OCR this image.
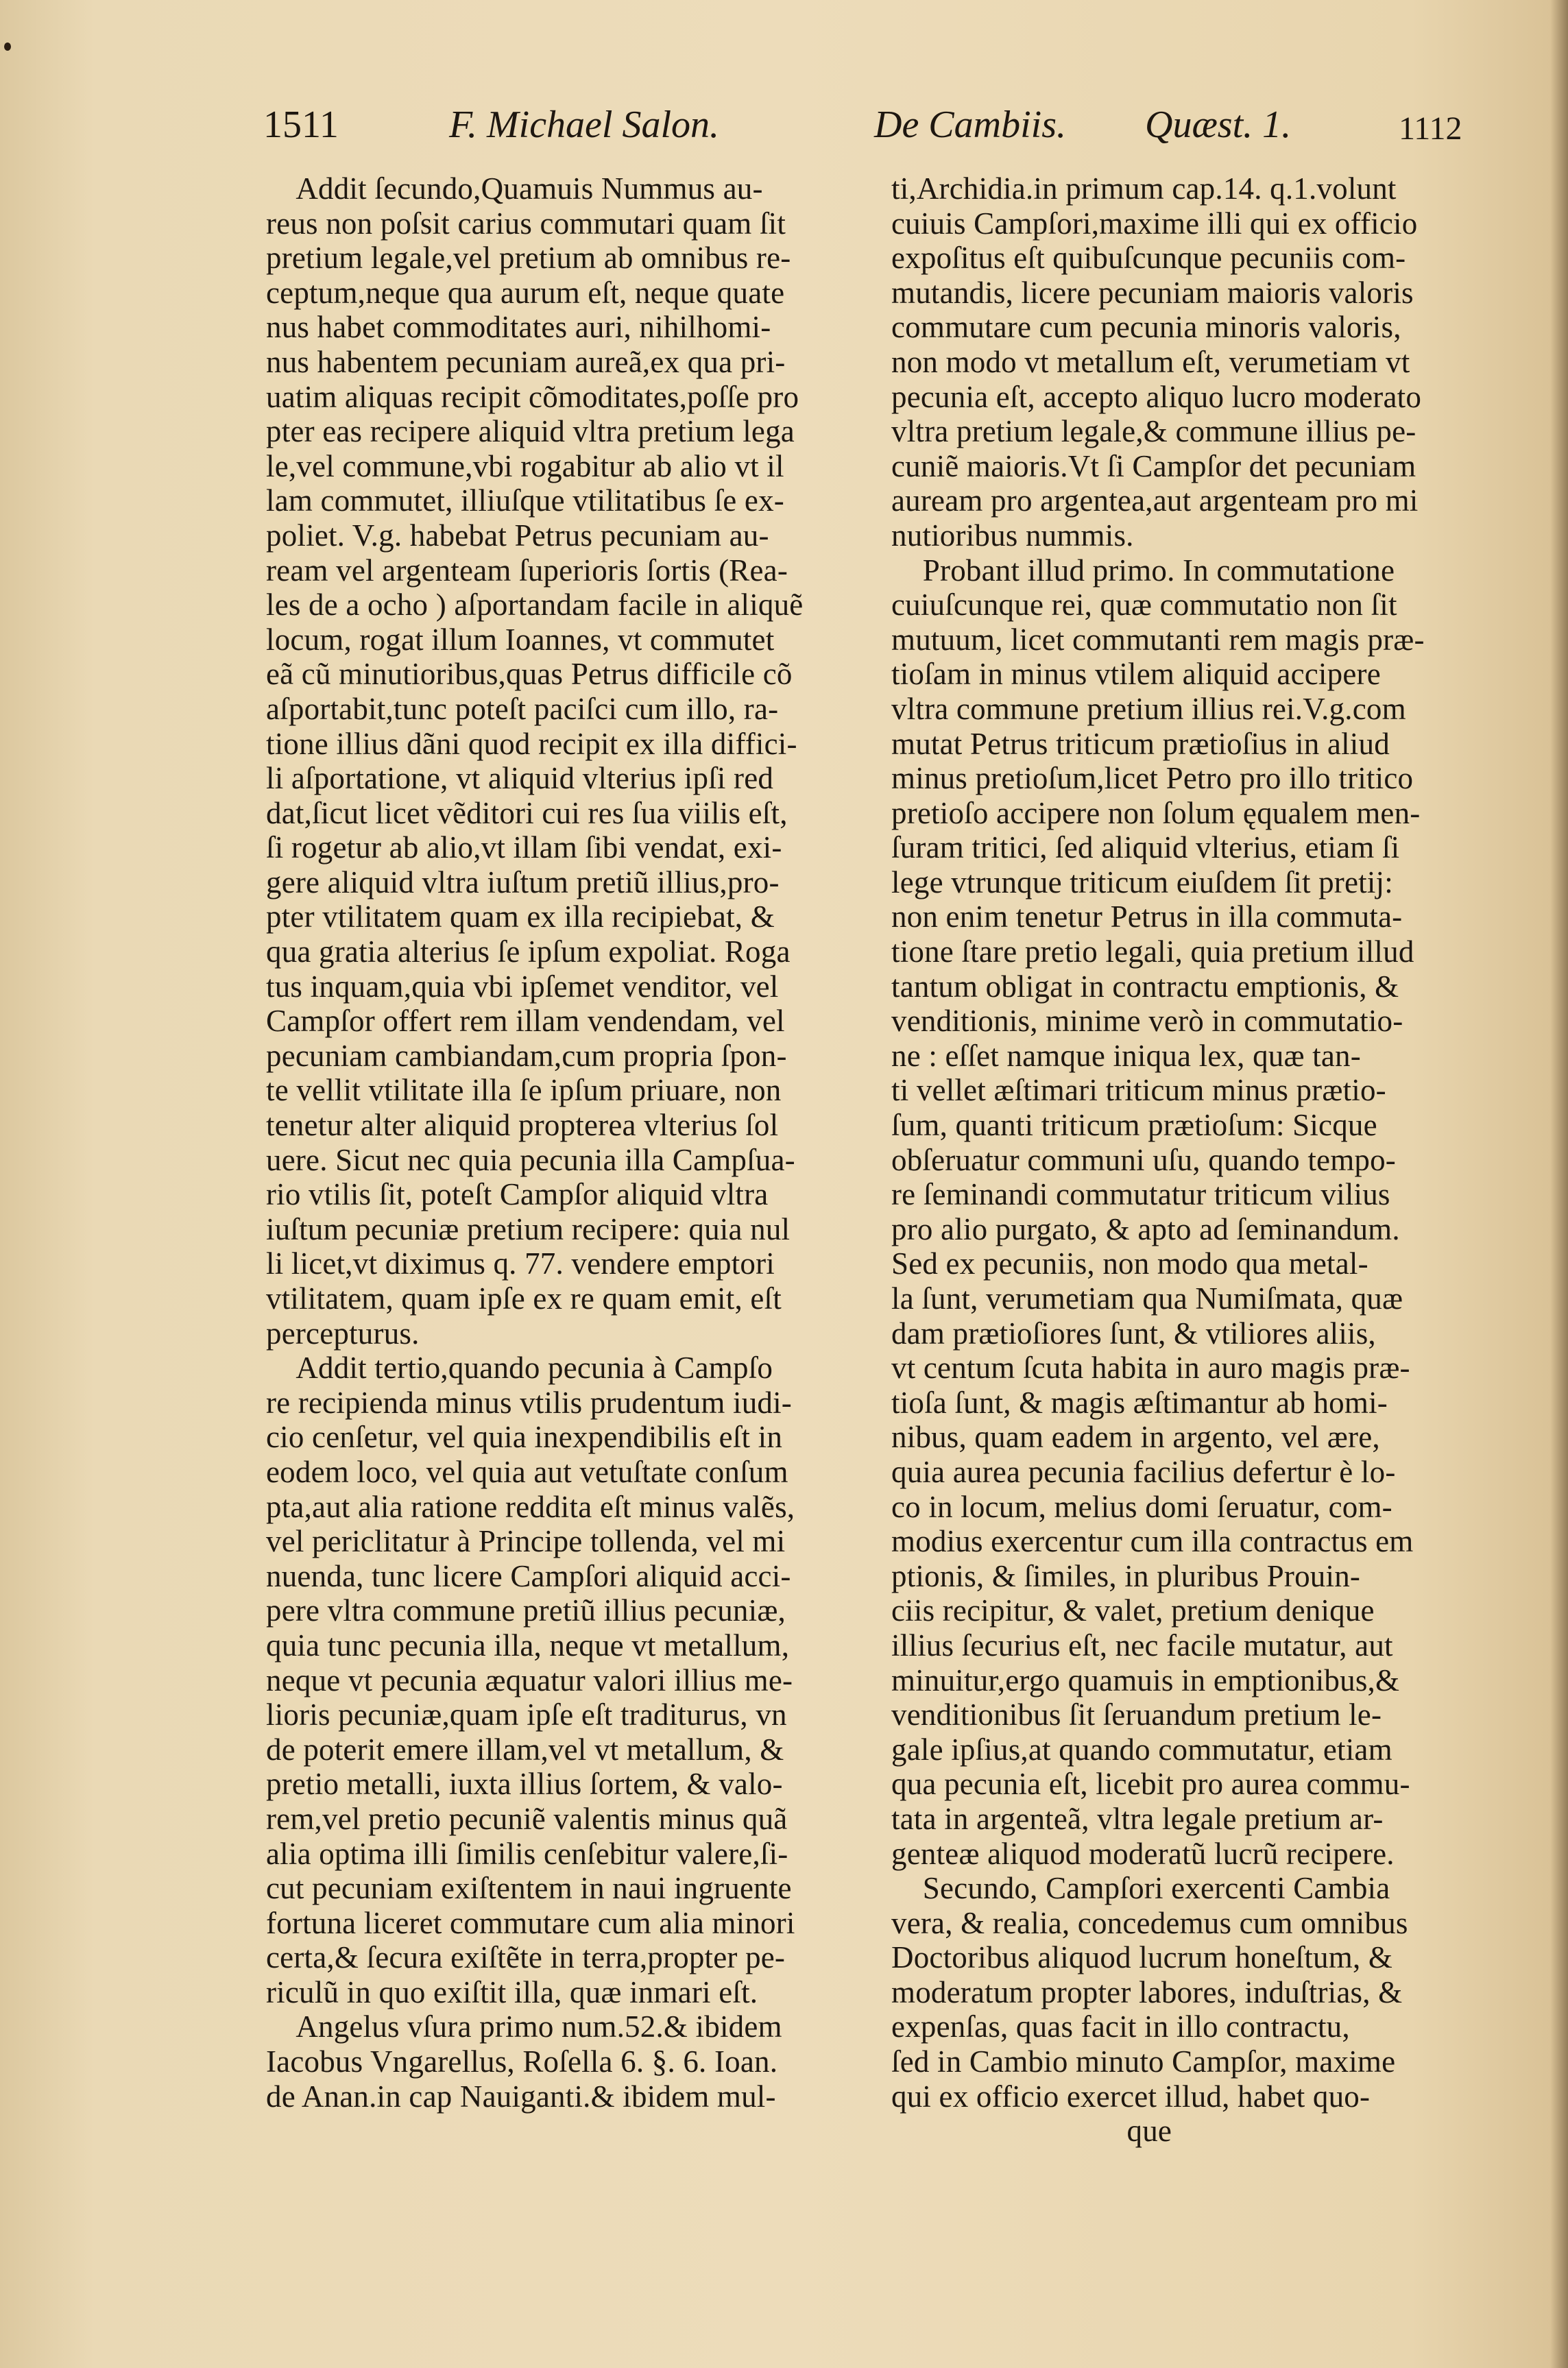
1511	F. Michael Salon.	De Cambiis. Quæst. 1.	1112
Addit ſecundo,Quamuis Nummus au-
reus non poſsit carius commutari quam ſit
pretium legale,vel pretium ab omnibus re-
ceptum,neque qua aurum eſt, neque quate
nus habet commoditates auri, nihilhomi-
nus habentem pecuniam aureã,ex qua pri-
uatim aliquas recipit cõmoditates,poſſe pro
pter eas recipere aliquid vltra pretium lega
le,vel commune,vbi rogabitur ab alio vt il
lam commutet, illiuſque vtilitatibus ſe ex-
poliet. V.g. habebat Petrus pecuniam au-
ream vel argenteam ſuperioris ſortis (Rea-
les de a ocho ) aſportandam facile in aliquẽ
locum, rogat illum Ioannes, vt commutet
eã cũ minutioribus,quas Petrus difficile cõ
aſportabit,tunc poteſt paciſci cum illo, ra-
tione illius dãni quod recipit ex illa diffici-
li aſportatione, vt aliquid vlterius ipſi red
dat,ſicut licet vẽditori cui res ſua viilis eſt,
ſi rogetur ab alio,vt illam ſibi vendat, exi-
gere aliquid vltra iuſtum pretiũ illius,pro-
pter vtilitatem quam ex illa recipiebat, &
qua gratia alterius ſe ipſum expoliat. Roga
tus inquam,quia vbi ipſemet venditor, vel
Campſor offert rem illam vendendam, vel
pecuniam cambiandam,cum propria ſpon-
te vellit vtilitate illa ſe ipſum priuare, non
tenetur alter aliquid propterea vlterius ſol
uere. Sicut nec quia pecunia illa Campſua-
rio vtilis ſit, poteſt Campſor aliquid vltra
iuſtum pecuniæ pretium recipere: quia nul
li licet,vt diximus q. 77. vendere emptori
vtilitatem, quam ipſe ex re quam emit, eſt
percepturus.
Addit tertio,quando pecunia à Campſo
re recipienda minus vtilis prudentum iudi-
cio cenſetur, vel quia inexpendibilis eſt in
eodem loco, vel quia aut vetuſtate conſum
pta,aut alia ratione reddita eſt minus valẽs,
vel periclitatur à Principe tollenda, vel mi
nuenda, tunc licere Campſori aliquid acci-
pere vltra commune pretiũ illius pecuniæ,
quia tunc pecunia illa, neque vt metallum,
neque vt pecunia æquatur valori illius me-
lioris pecuniæ,quam ipſe eſt traditurus, vn
de poterit emere illam,vel vt metallum, &
pretio metalli, iuxta illius ſortem, & valo-
rem,vel pretio pecuniẽ valentis minus quã
alia optima illi ſimilis cenſebitur valere,ſi-
cut pecuniam exiſtentem in naui ingruente
fortuna liceret commutare cum alia minori
certa,& ſecura exiſtẽte in terra,propter pe-
riculũ in quo exiſtit illa, quæ inmari eſt.
Angelus vſura primo num.52.& ibidem
Iacobus Vngarellus, Roſella 6. §. 6. Ioan.
de Anan.in cap Nauiganti.& ibidem mul-
ti,Archidia.in primum cap.14. q.1.volunt
cuiuis Campſori,maxime illi qui ex officio
expoſitus eſt quibuſcunque pecuniis com-
mutandis, licere pecuniam maioris valoris
commutare cum pecunia minoris valoris,
non modo vt metallum eſt, verumetiam vt
pecunia eſt, accepto aliquo lucro moderato
vltra pretium legale,& commune illius pe-
cuniẽ maioris.Vt ſi Campſor det pecuniam
auream pro argentea,aut argenteam pro mi
nutioribus nummis.
Probant illud primo. In commutatione
cuiuſcunque rei, quæ commutatio non ſit
mutuum, licet commutanti rem magis præ-
tioſam in minus vtilem aliquid accipere
vltra commune pretium illius rei.V.g.com
mutat Petrus triticum prætioſius in aliud
minus pretioſum,licet Petro pro illo tritico
pretioſo accipere non ſolum ęqualem men-
ſuram tritici, ſed aliquid vlterius, etiam ſi
lege vtrunque triticum eiuſdem ſit pretij:
non enim tenetur Petrus in illa commuta-
tione ſtare pretio legali, quia pretium illud
tantum obligat in contractu emptionis, &
venditionis, minime verò in commutatio-
ne : eſſet namque iniqua lex, quæ tan-
ti vellet æſtimari triticum minus prætio-
ſum, quanti triticum prætioſum: Sicque
obſeruatur communi uſu, quando tempo-
re ſeminandi commutatur triticum vilius
pro alio purgato, & apto ad ſeminandum.
Sed ex pecuniis, non modo qua metal-
la ſunt, verumetiam qua Numiſmata, quæ
dam prætioſiores ſunt, & vtiliores aliis,
vt centum ſcuta habita in auro magis præ-
tioſa ſunt, & magis æſtimantur ab homi-
nibus, quam eadem in argento, vel ære,
quia aurea pecunia facilius defertur è lo-
co in locum, melius domi ſeruatur, com-
modius exercentur cum illa contractus em
ptionis, & ſimiles, in pluribus Prouin-
ciis recipitur, & valet, pretium denique
illius ſecurius eſt, nec facile mutatur, aut
minuitur,ergo quamuis in emptionibus,&
venditionibus ſit ſeruandum pretium le-
gale ipſius,at quando commutatur, etiam
qua pecunia eſt, licebit pro aurea commu-
tata in argenteã, vltra legale pretium ar-
genteæ aliquod moderatũ lucrũ recipere.
Secundo, Campſori exercenti Cambia
vera, & realia, concedemus cum omnibus
Doctoribus aliquod lucrum honeſtum, &
moderatum propter labores, induſtrias, &
expenſas, quas facit in illo contractu,
ſed in Cambio minuto Campſor, maxime
qui ex officio exercet illud, habet quo-
que
